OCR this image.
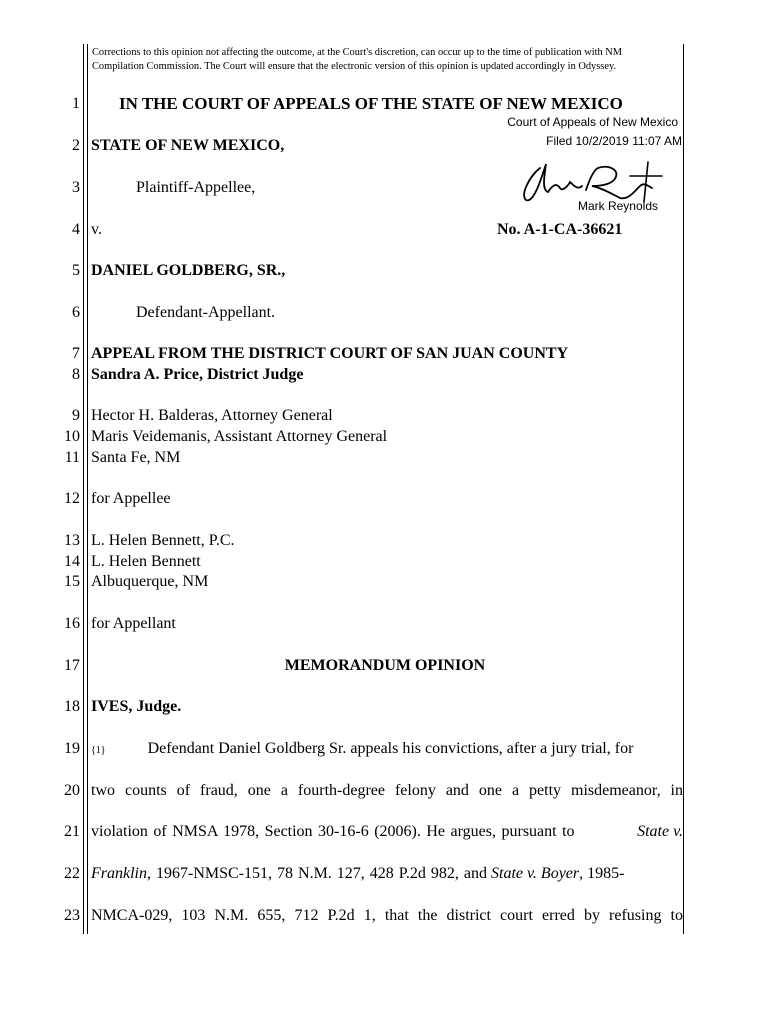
Corrections to this opinion not affecting the outcome, at the Court's discretion, can occur up to the time of publication with NM Compilation Commission. The Court will ensure that the electronic version of this opinion is updated accordingly in Odyssey.
1
2
3
4
5
6
7
8
9
10
11
12
13
14
15
16
17
18
19
20
21
22
23
IN THE COURT OF APPEALS OF THE STATE OF NEW MEXICO
Court of Appeals of New Mexico
Filed 10/2/2019 11:07 AM
Mark Reynolds
STATE OF NEW MEXICO,
Plaintiff-Appellee,
v.	No. A-1-CA-36621
DANIEL GOLDBERG, SR.,
Defendant-Appellant.
APPEAL FROM THE DISTRICT COURT OF SAN JUAN COUNTY
Sandra A. Price, District Judge
Hector H. Balderas, Attorney General
Maris Veidemanis, Assistant Attorney General
Santa Fe, NM
for Appellee
L. Helen Bennett, P.C.
L. Helen Bennett
Albuquerque, NM
for Appellant
MEMORANDUM OPINION
IVES, Judge.
{1}	Defendant Daniel Goldberg Sr. appeals his convictions, after a jury trial, for
two counts of fraud, one a fourth-degree felony and one a petty misdemeanor, in
violation of NMSA 1978, Section 30-16-6 (2006). He argues, pursuant to	State v.
Franklin, 1967-NMSC-151, 78 N.M. 127, 428 P.2d 982, and State v. Boyer, 1985-
NMCA-029, 103 N.M. 655, 712 P.2d 1, that the district court erred by refusing to
